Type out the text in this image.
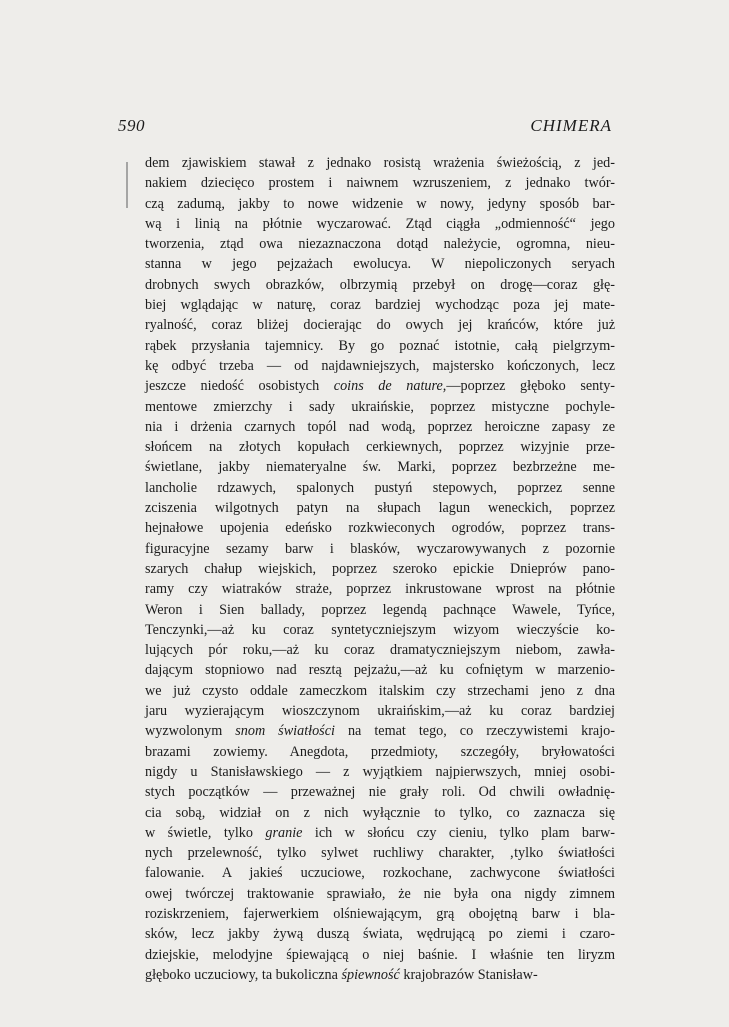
590	CHIMERA
dem zjawiskiem stawał z jednako rosistą wrażenia świeżością, z jed-
nakiem dziecięco prostem i naiwnem wzruszeniem, z jednako twór-
czą zadumą, jakby to nowe widzenie w nowy, jedyny sposób bar-
wą i linią na płótnie wyczarować. Ztąd ciągła „odmienność“ jego
tworzenia, ztąd owa niezaznaczona dotąd należycie, ogromna, nieu-
stanna w jego pejzażach ewolucya. W niepoliczonych seryach
drobnych swych obrazków, olbrzymią przebył on drogę—coraz głę-
biej wglądając w naturę, coraz bardziej wychodząc poza jej mate-
ryalność, coraz bliżej docierając do owych jej krańców, które już
rąbek przysłania tajemnicy. By go poznać istotnie, całą pielgrzym-
kę odbyć trzeba — od najdawniejszych, majstersko kończonych, lecz
jeszcze niedość osobistych coins de nature,—poprzez głęboko senty-
mentowe zmierzchy i sady ukraińskie, poprzez mistyczne pochyle-
nia i drżenia czarnych topól nad wodą, poprzez heroiczne zapasy ze
słońcem na złotych kopułach cerkiewnych, poprzez wizyjnie prze-
świetlane, jakby niemateryalne św. Marki, poprzez bezbrzeżne me-
lancholie rdzawych, spalonych pustyń stepowych, poprzez senne
zciszenia wilgotnych patyn na słupach lagun weneckich, poprzez
hejnałowe upojenia edeńsko rozkwieconych ogrodów, poprzez trans-
figuracyjne sezamy barw i blasków, wyczarowywanych z pozornie
szarych chałup wiejskich, poprzez szeroko epickie Dnieprów pano-
ramy czy wiatraków straże, poprzez inkrustowane wprost na płótnie
Weron i Sien ballady, poprzez legendą pachnące Wawele, Tyńce,
Tenczynki,—aż ku coraz syntetyczniejszym wizyom wieczyście ko-
lujących pór roku,—aż ku coraz dramatyczniejszym niebom, zawła-
dającym stopniowo nad resztą pejzażu,—aż ku cofniętym w marzenio-
we już czysto oddale zameczkom italskim czy strzechami jeno z dna
jaru wyzierającym wioszczynom ukraińskim,—aż ku coraz bardziej
wyzwolonym snom światłości na temat tego, co rzeczywistemi krajo-
brazami zowiemy. Anegdota, przedmioty, szczegóły, bryłowatości
nigdy u Stanisławskiego — z wyjątkiem najpierwszych, mniej osobi-
stych początków — przeważnej nie grały roli. Od chwili owładnię-
cia sobą, widział on z nich wyłącznie to tylko, co zaznacza się
w świetle, tylko granie ich w słońcu czy cieniu, tylko plam barw-
nych przelewność, tylko sylwet ruchliwy charakter, ‚tylko światłości
falowanie. A jakieś uczuciowe, rozkochane, zachwycone światłości
owej twórczej traktowanie sprawiało, że nie była ona nigdy zimnem
roziskrzeniem, fajerwerkiem olśniewającym, grą obojętną barw i bla-
sków, lecz jakby żywą duszą świata, wędrującą po ziemi i czaro-
dziejskie, melodyjne śpiewającą o niej baśnie. I właśnie ten liryzm
głęboko uczuciowy, ta bukoliczna śpiewność krajobrazów Stanisław-
